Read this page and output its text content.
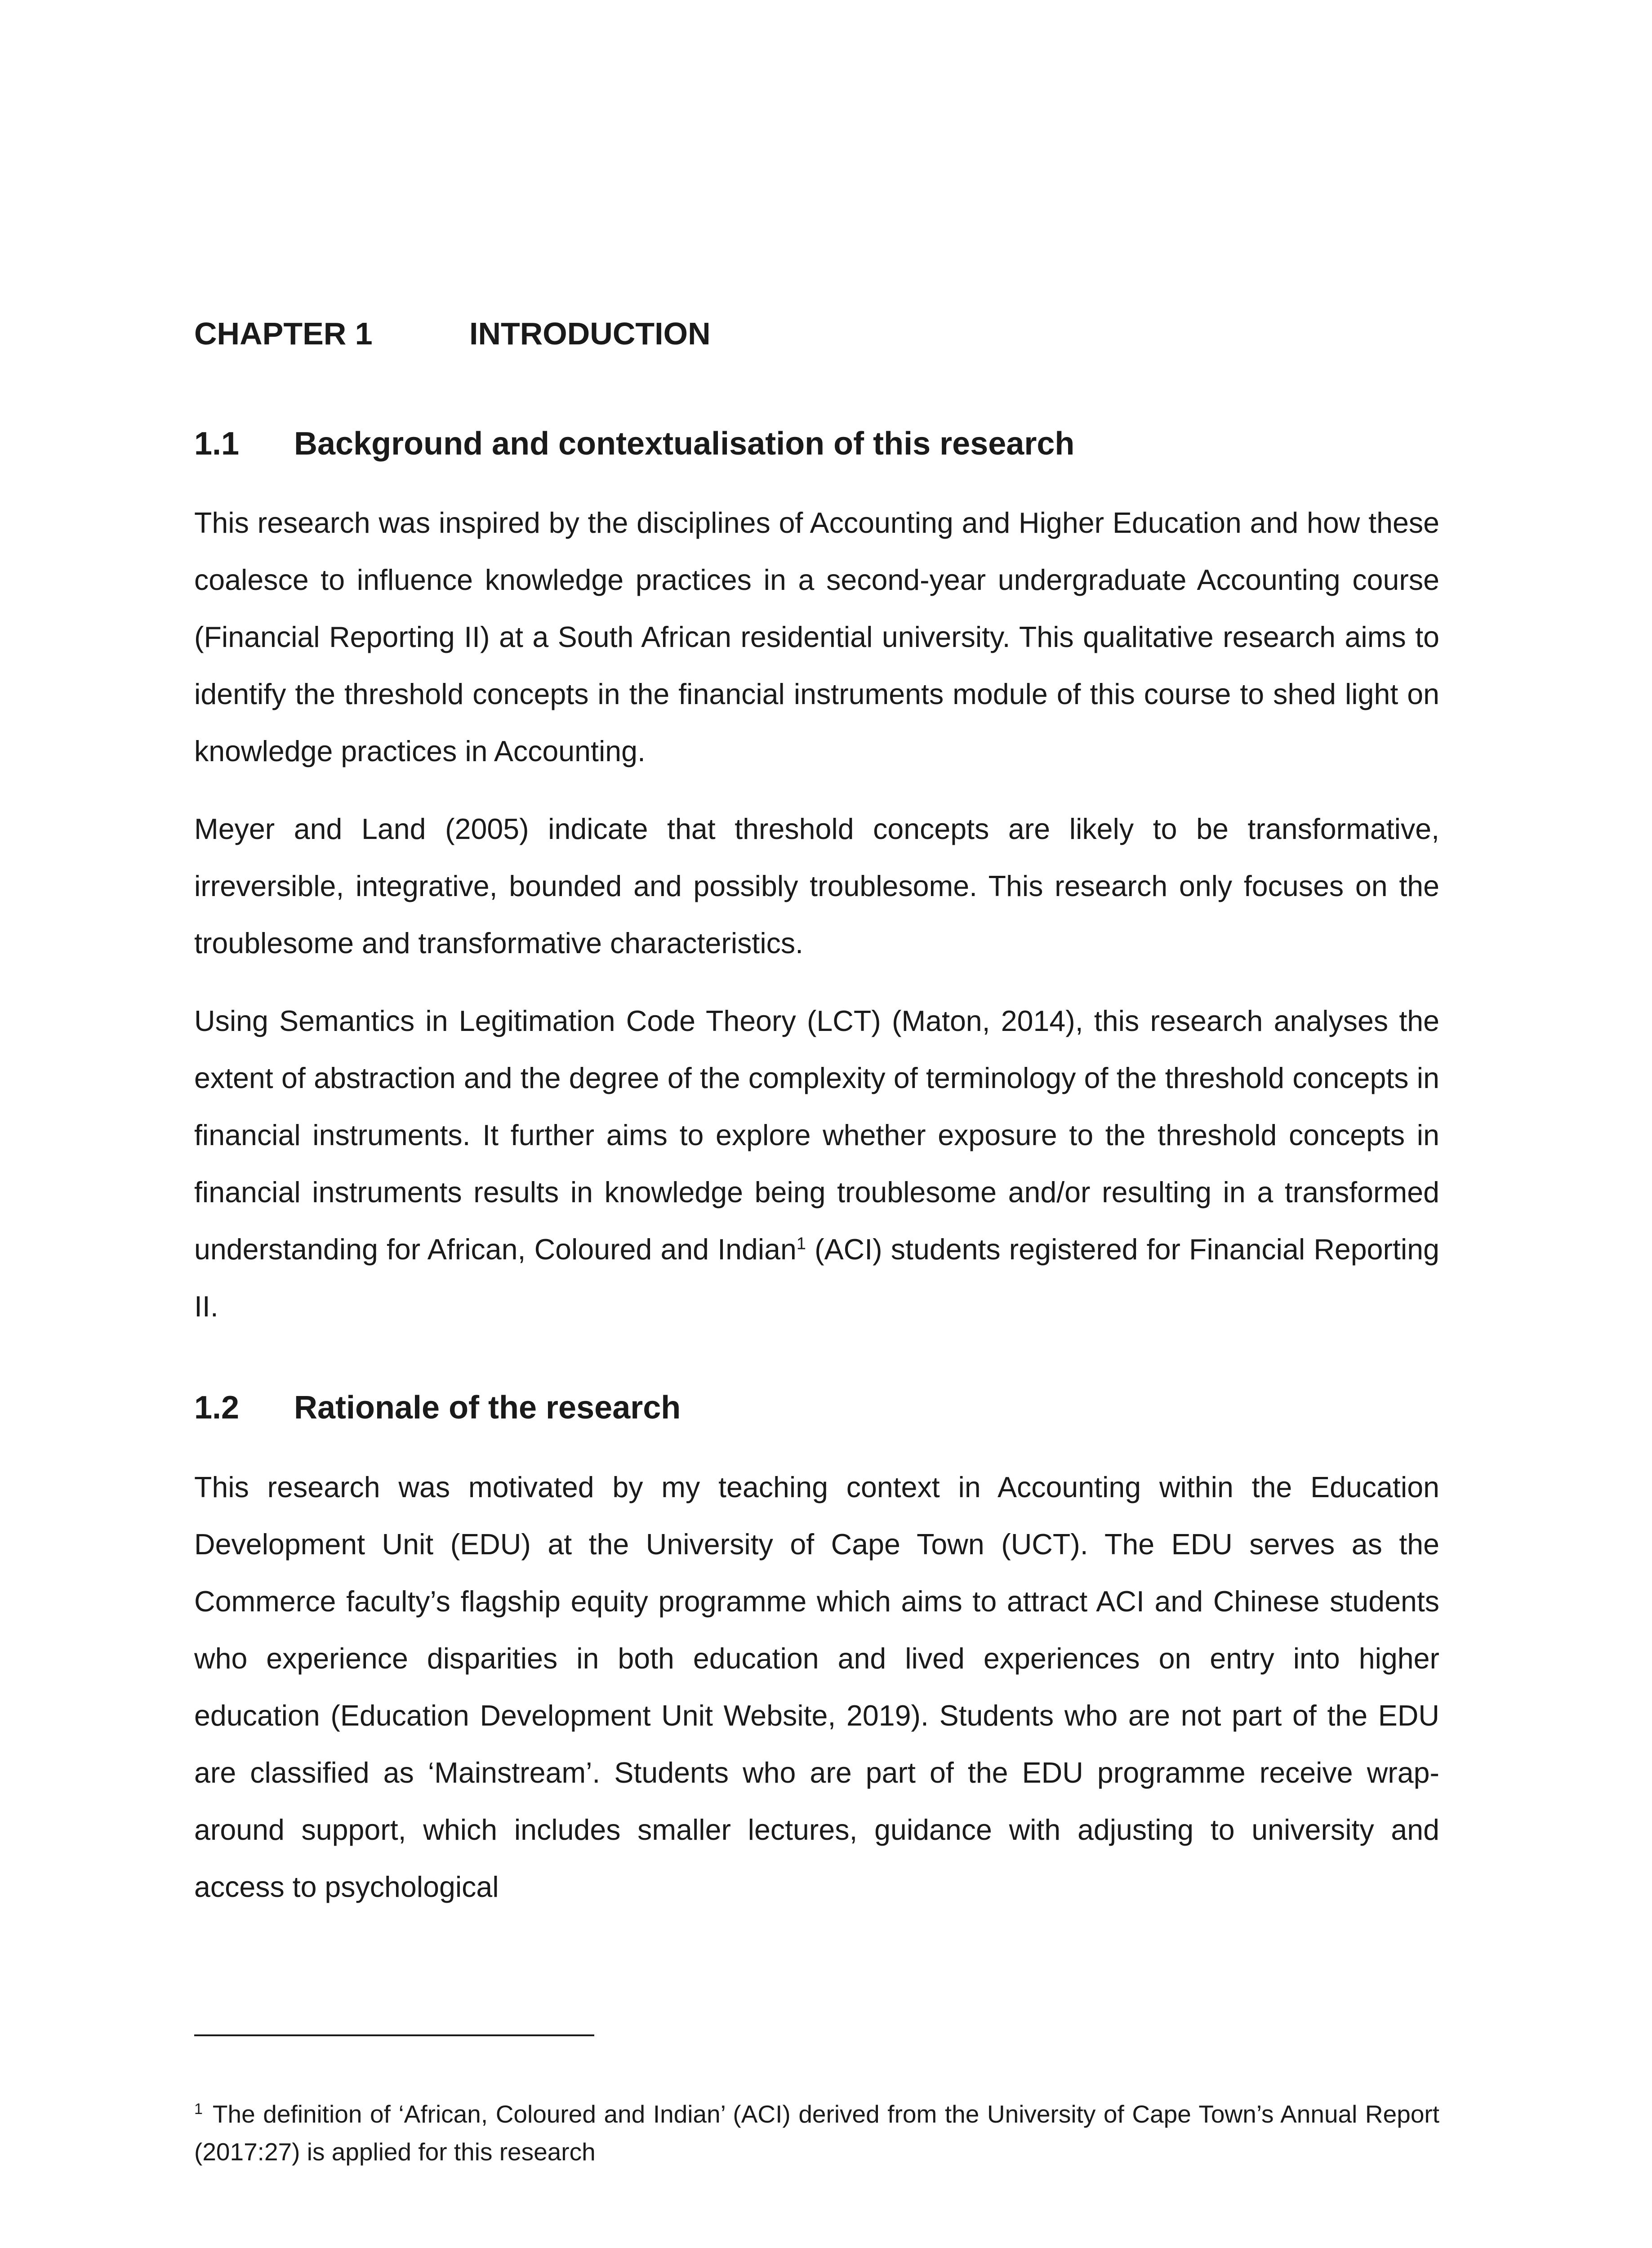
CHAPTER 1	INTRODUCTION
1.1	Background and contextualisation of this research

This research was inspired by the disciplines of Accounting and Higher Education and how these coalesce to influence knowledge practices in a second-year undergraduate Accounting course (Financial Reporting II) at a South African residential university. This qualitative research aims to identify the threshold concepts in the financial instruments module of this course to shed light on knowledge practices in Accounting.

Meyer and Land (2005) indicate that threshold concepts are likely to be transformative, irreversible, integrative, bounded and possibly troublesome. This research only focuses on the troublesome and transformative characteristics.

Using Semantics in Legitimation Code Theory (LCT) (Maton, 2014), this research analyses the extent of abstraction and the degree of the complexity of terminology of the threshold concepts in financial instruments. It further aims to explore whether exposure to the threshold concepts in financial instruments results in knowledge being troublesome and/or resulting in a transformed understanding for African, Coloured and Indian$^1$ (ACI) students registered for Financial Reporting II.

1.2	Rationale of the research

This research was motivated by my teaching context in Accounting within the Education Development Unit (EDU) at the University of Cape Town (UCT). The EDU serves as the Commerce faculty’s flagship equity programme which aims to attract ACI and Chinese students who experience disparities in both education and lived experiences on entry into higher education (Education Development Unit Website, 2019). Students who are not part of the EDU are classified as ‘Mainstream’. Students who are part of the EDU programme receive wrap-around support, which includes smaller lectures, guidance with adjusting to university and access to psychological

$^1$ The definition of ‘African, Coloured and Indian’ (ACI) derived from the University of Cape Town’s Annual Report (2017:27) is applied for this research
